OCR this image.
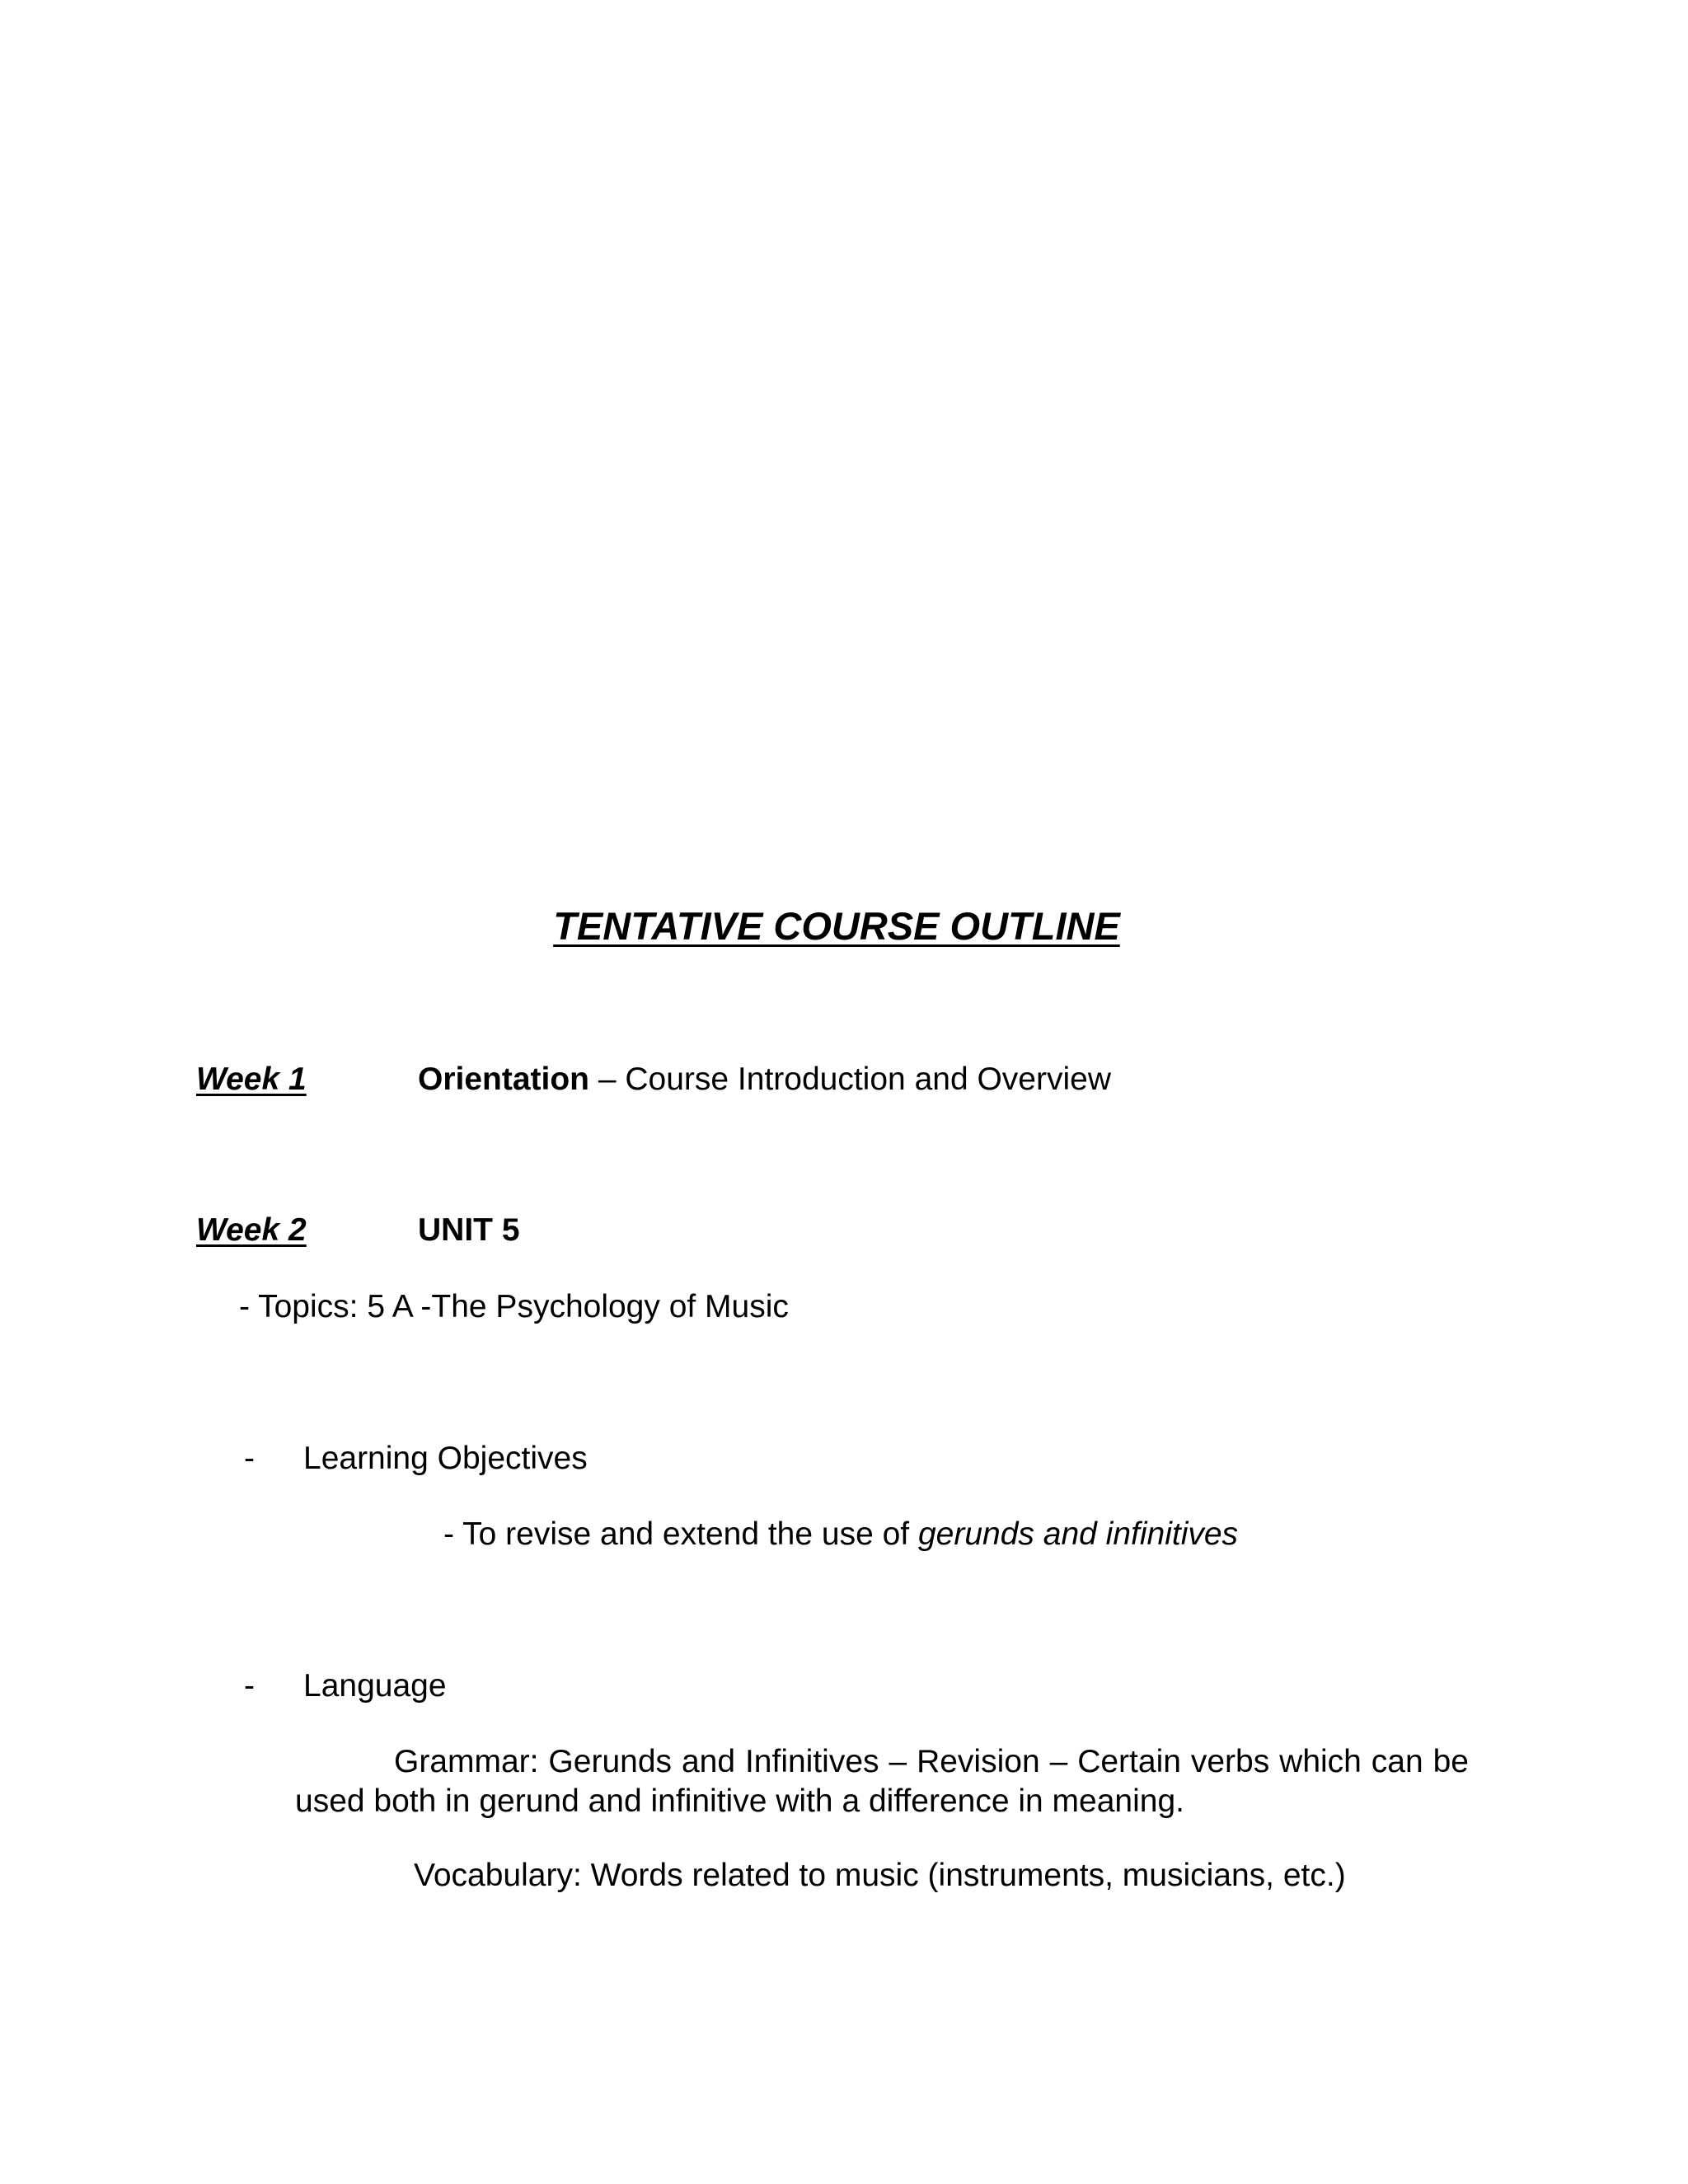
TENTATIVE COURSE OUTLINE
Week 1	Orientation – Course Introduction and Overview
Week 2	UNIT 5
- Topics: 5 A -The Psychology of Music
- Learning Objectives
- To revise and extend the use of gerunds and infinitives
- Language
Grammar: Gerunds and Infinitives – Revision – Certain verbs which can be used both in gerund and infinitive with a difference in meaning.
Vocabulary: Words related to music (instruments, musicians, etc.)
